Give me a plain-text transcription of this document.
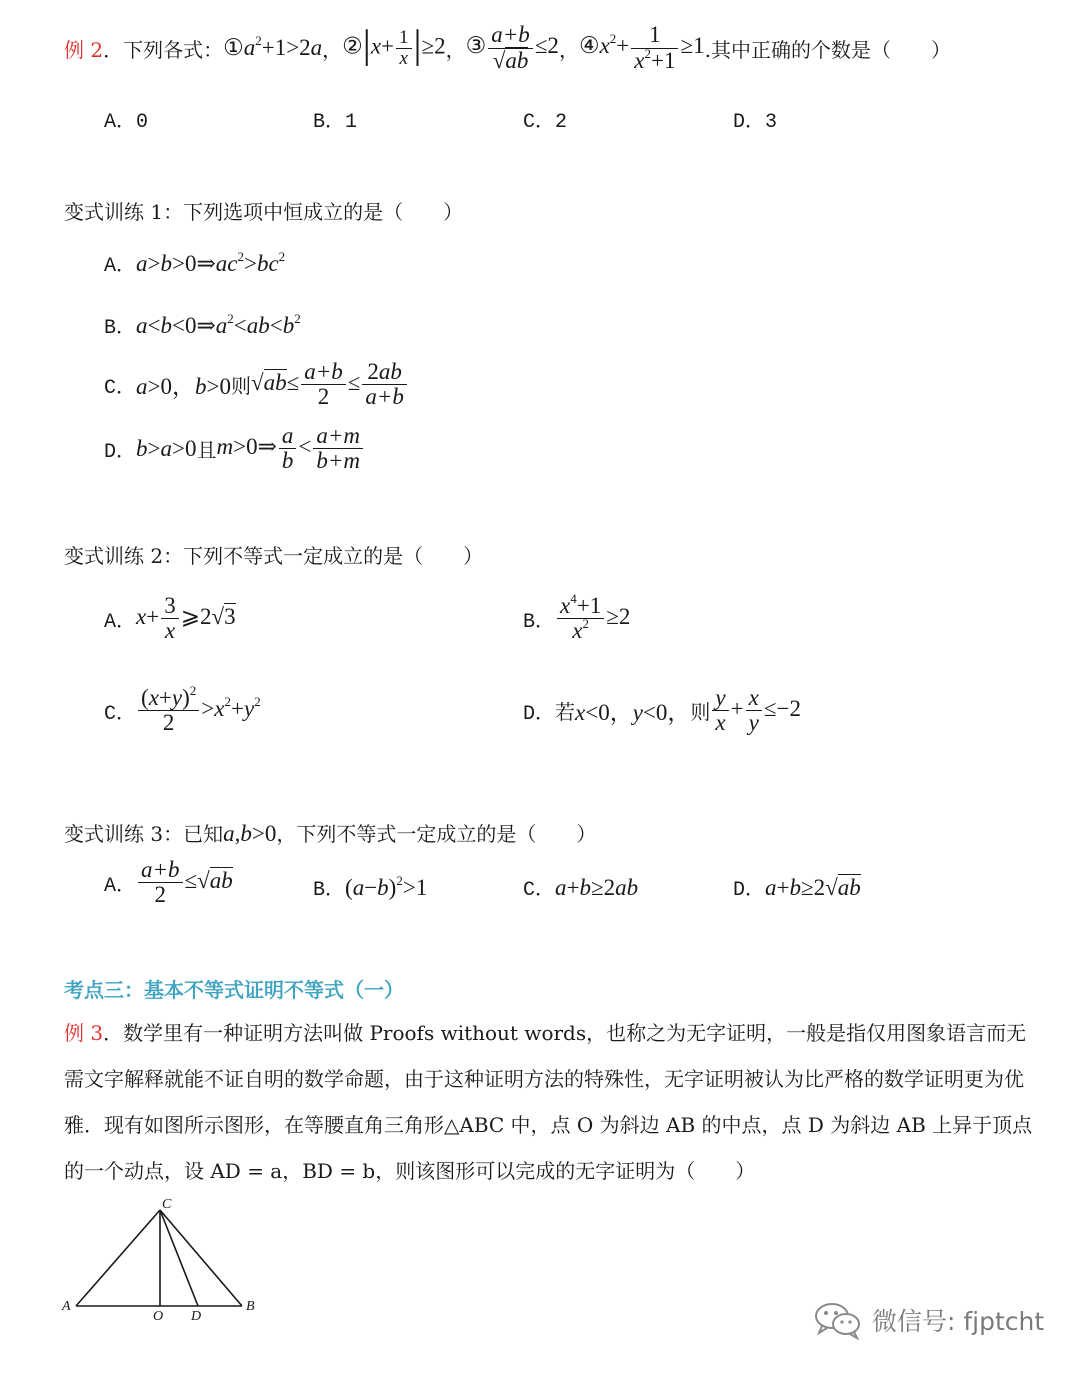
例 2 ．下列各式： $①a^2+1>2a$ ， ②|x+ $\frac{1}{x} |\ge 2$ ， ③ $\frac{a+b}{√ab} \le 2$ ， $④x^2+ \frac{1}{x^2+1} \ge 1$ .其中正确的个数是（　　）
A．0	B．1	C．2	D．3
变式训练 1：下列选项中恒成立的是（　　）
A．$a>b>0\Rightarrow ac^2>bc^2$
B．$a<b<0\Rightarrow a^2<ab<b^2$
C． a>0，b>0 则 $√ab\le \frac{a+b}{2} \le \frac{2ab}{a+b}$
D． b>a>0 且 m>0⇒ $\frac{a}{b} < \frac{a+m}{b+m}$
变式训练 2：下列不等式一定成立的是（　　）
A． $x+ \frac{3}{x}$ ⩾2√3	B． $\frac{x^4+1}{x^2} \ge 2$
C． $\frac{(x+y)^2}{2} >x^2+y^2$
D． 若 x<0，y<0， 则 $\frac{y}{x} + \frac{x}{y} \le-2$
变式训练 3：已知a,b>0，下列不等式一定成立的是（　　）
A． $\frac{a+b}{2} \le√ab$	B．$(a-b)^2>1$	C．a+b≥2ab	D．a+b≥2√ab
考点三：基本不等式证明不等式（一）
例 3．数学里有一种证明方法叫做 Proofs without words，也称之为无字证明，一般是指仅用图象语言而无需文字解释就能不证自明的数学命题，由于这种证明方法的特殊性，无字证明被认为比严格的数学证明更为优雅．现有如图所示图形，在等腰直角三角形△ABC 中，点 O 为斜边 AB 的中点，点 D 为斜边 AB 上异于顶点的一个动点，设 AD = a，BD = b，则该图形可以完成的无字证明为（　　）
A
O D
B
C
微信号: fjptcht
